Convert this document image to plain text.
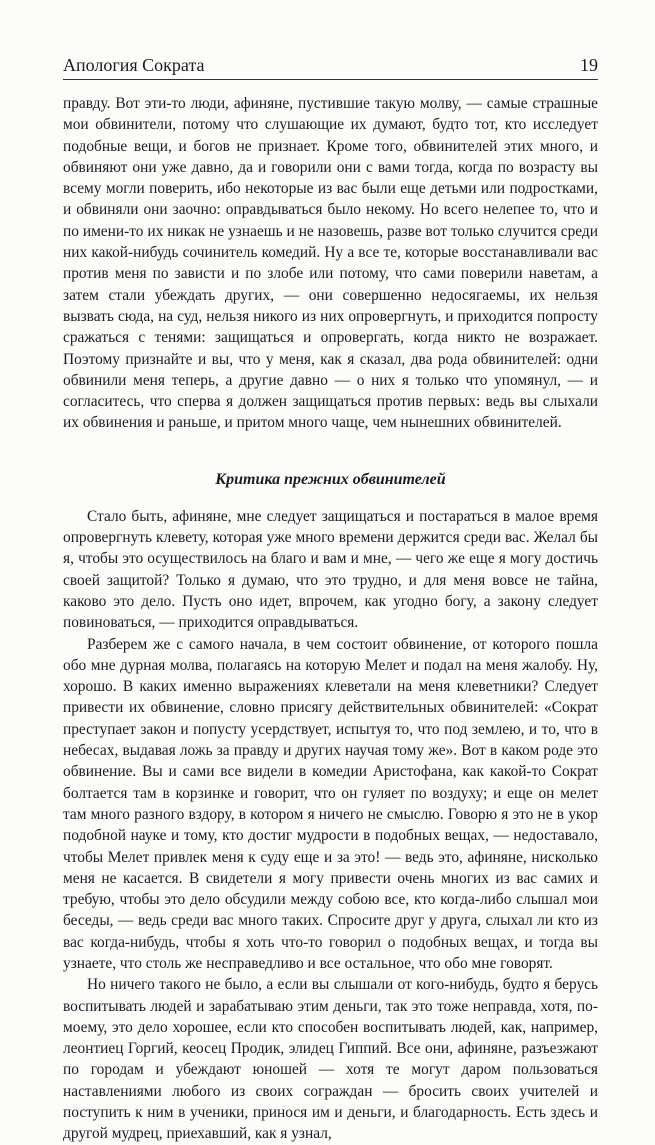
Апология Сократа	19

правду. Вот эти-то люди, афиняне, пустившие такую молву, — самые страшные мои обвинители, потому что слушающие их думают, будто тот, кто исследует подобные вещи, и богов не признает. Кроме того, обвинителей этих много, и обвиняют они уже давно, да и говорили они с вами тогда, когда по возрасту вы всему могли поверить, ибо некоторые из вас были еще детьми или подростками, и обвиняли они заочно: оправдываться было некому. Но всего нелепее то, что и по имени-то их никак не узнаешь и не назовешь, разве вот только случится среди них какой-нибудь сочинитель комедий. Ну а все те, которые восстанавливали вас против меня по зависти и по злобе или потому, что сами поверили наветам, а затем стали убеждать других, — они совершенно недосягаемы, их нельзя вызвать сюда, на суд, нельзя никого из них опровергнуть, и приходится попросту сражаться с тенями: защищаться и опровергать, когда никто не возражает. Поэтому признайте и вы, что у меня, как я сказал, два рода обвинителей: одни обвинили меня теперь, а другие давно — о них я только что упомянул, — и согласитесь, что сперва я должен защищаться против первых: ведь вы слыхали их обвинения и раньше, и притом много чаще, чем нынешних обвинителей.

Критика прежних обвинителей

Стало быть, афиняне, мне следует защищаться и постараться в малое время опровергнуть клевету, которая уже много времени держится среди вас. Желал бы я, чтобы это осуществилось на благо и вам и мне, — чего же еще я могу достичь своей защитой? Только я думаю, что это трудно, и для меня вовсе не тайна, каково это дело. Пусть оно идет, впрочем, как угодно богу, а закону следует повиноваться, — приходится оправдываться.

Разберем же с самого начала, в чем состоит обвинение, от которого пошла обо мне дурная молва, полагаясь на которую Мелет и подал на меня жалобу. Ну, хорошо. В каких именно выражениях клеветали на меня клеветники? Следует привести их обвинение, словно присягу действительных обвинителей: «Сократ преступает закон и попусту усердствует, испытуя то, что под землею, и то, что в небесах, выдавая ложь за правду и других научая тому же». Вот в каком роде это обвинение. Вы и сами все видели в комедии Аристофана, как какой-то Сократ болтается там в корзинке и говорит, что он гуляет по воздуху; и еще он мелет там много разного вздору, в котором я ничего не смыслю. Говорю я это не в укор подобной науке и тому, кто достиг мудрости в подобных вещах, — недоставало, чтобы Мелет привлек меня к суду еще и за это! — ведь это, афиняне, нисколько меня не касается. В свидетели я могу привести очень многих из вас самих и требую, чтобы это дело обсудили между собою все, кто когда-либо слышал мои беседы, — ведь среди вас много таких. Спросите друг у друга, слыхал ли кто из вас когда-нибудь, чтобы я хоть что-то говорил о подобных вещах, и тогда вы узнаете, что столь же несправедливо и все остальное, что обо мне говорят.

Но ничего такого не было, а если вы слышали от кого-нибудь, будто я берусь воспитывать людей и зарабатываю этим деньги, так это тоже неправда, хотя, по-моему, это дело хорошее, если кто способен воспитывать людей, как, например, леонтиец Горгий, кеосец Продик, элидец Гиппий. Все они, афиняне, разъезжают по городам и убеждают юношей — хотя те могут даром пользоваться наставлениями любого из своих сограждан — бросить своих учителей и поступить к ним в ученики, принося им и деньги, и благодарность. Есть здесь и другой мудрец, приехавший, как я узнал,
